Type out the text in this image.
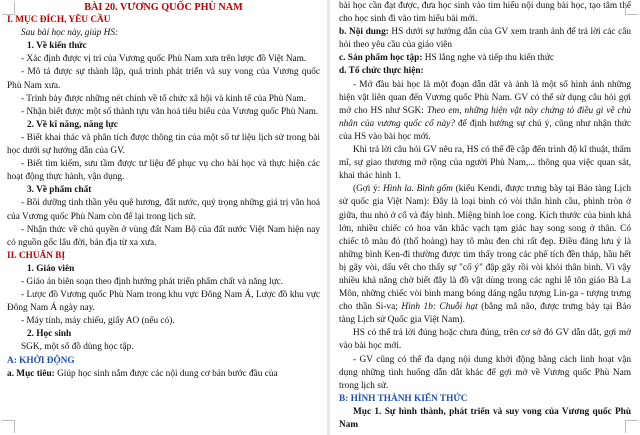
BÀI 20. VƯƠNG QUỐC PHÙ NAM

I. MỤC ĐÍCH, YÊU CẦU

Sau bài học này, giúp HS:

1. Về kiến thức

- Xác định được vị trí của Vương quốc Phù Nam xưa trên lược đồ Việt Nam.

- Mô tả được sự thành lập, quá trình phát triển và suy vong của Vương quốc Phù Nam xưa.

- Trình bày được những nét chính về tổ chức xã hội và kinh tế của Phù Nam.

- Nhận biết được một số thành tựu văn hoá tiêu biểu của Vương quốc Phù Nam.

2. Về kĩ năng, năng lực

- Biết khai thác và phân tích được thông tin của một số tư liệu lịch sử trong bài học dưới sự hướng dẫn của GV.

- Biết tìm kiếm, sưu tầm được tư liệu để phục vụ cho bài học và thực hiện các hoạt động thực hành, vận dụng.

3. Về phẩm chất

- Bồi dưỡng tinh thần yêu quê hương, đất nước, quý trọng những giá trị văn hoá của Vương quốc Phù Nam còn để lại trong lịch sử.

- Nhận thức về chủ quyền ở vùng đất Nam Bộ của đất nước Việt Nam hiện nay có nguồn gốc lâu đời, bản địa từ xa xưa.

II. CHUẨN BỊ

1. Giáo viên

- Giáo án biên soạn theo định hướng phát triển phẩm chất và năng lực.

- Lược đồ Vương quốc Phù Nam trong khu vực Đông Nam Á, Lược đồ khu vực Đông Nam Á ngày nay.

- Máy tính, máy chiếu, giấy AO (nếu có).

2. Học sinh

SGK, một số đồ dùng học tập.

A: KHỞI ĐỘNG

a. Mục tiêu: Giúp học sinh nắm được các nội dung cơ bản bước đầu của

bài học cần đạt được, đưa học sinh vào tìm hiểu nội dung bài học, tạo tâm thế cho học sinh đi vào tìm hiểu bài mới.

b. Nội dung: HS dưới sự hướng dẫn của GV xem tranh ảnh để trả lời các câu hỏi theo yêu cầu của giáo viên

c. Sản phẩm học tập: HS lắng nghe và tiếp thu kiến thức

d. Tổ chức thực hiện:

- Mở đầu bài học là một đoạn dẫn dắt và ảnh là một số hình ảnh những hiện vật liên quan đến Vương quốc Phù Nam. GV có thể sử dụng câu hỏi gợi mở cho HS như SGK: Theo em, những hiện vật này chứng tỏ điều gì về chủ nhân của vương quốc cổ này? để định hướng sự chú ý, cũng như nhận thức của HS vào bài học mới.

Khi trả lời câu hỏi GV nêu ra, HS có thể đề cập đến trình độ kĩ thuật, thẩm mĩ, sự giao thương mở rộng của người Phù Nam,... thông qua việc quan sát, khai thác hình 1.

(Gợi ý: Hình la. Bình gốm (kiểu Kendi, được trưng bày tại Bảo tàng Lịch sử quốc gia Việt Nam): Đây là loại bình có vòi thân hình cầu, phình tròn ở giữa, thu nhỏ ở cổ và đáy bình. Miệng bình loe cong. Kích thước của bình khá lớn, nhiều chiếc có hoa văn khắc vạch tạm giác hay song song ở thân. Có chiếc tô màu đỏ (thổ hoàng) hay tô màu đen chì rất đẹp. Điều đáng lưu ý là những bình Ken-đi thường được tìm thấy trong các phế tích đền tháp, hầu hết bị gãy vòi, dấu vết cho thấy sự "cố ý" đập gãy rồi vòi khỏi thân bình. Vì vậy nhiều khả năng chờ biết đây là đồ vật dùng trong các nghi lễ tôn giáo Bà La Môn, những chiếc vòi bình mang bóng dáng ngẫu tượng Lin-ga - tượng trưng cho thần Si-va; Hình 1b: Chuỗi hạt (bằng mã não, được trưng bày tại Bảo tàng Lịch sử Quốc gia Việt Nam).

HS có thể trả lời đúng hoặc chưa đúng, trên cơ sở đó GV dẫn dắt, gợi mở vào bài học mới.

- GV cũng có thể đa dạng nội dung khởi động bằng cách linh hoạt vận dụng những tình huống dẫn dắt khác để gợi mở về Vương quốc Phù Nam trong lịch sử.

B: HÌNH THÀNH KIẾN THỨC

Mục 1. Sự hình thành, phát triển và suy vong của Vương quốc Phù Nam
